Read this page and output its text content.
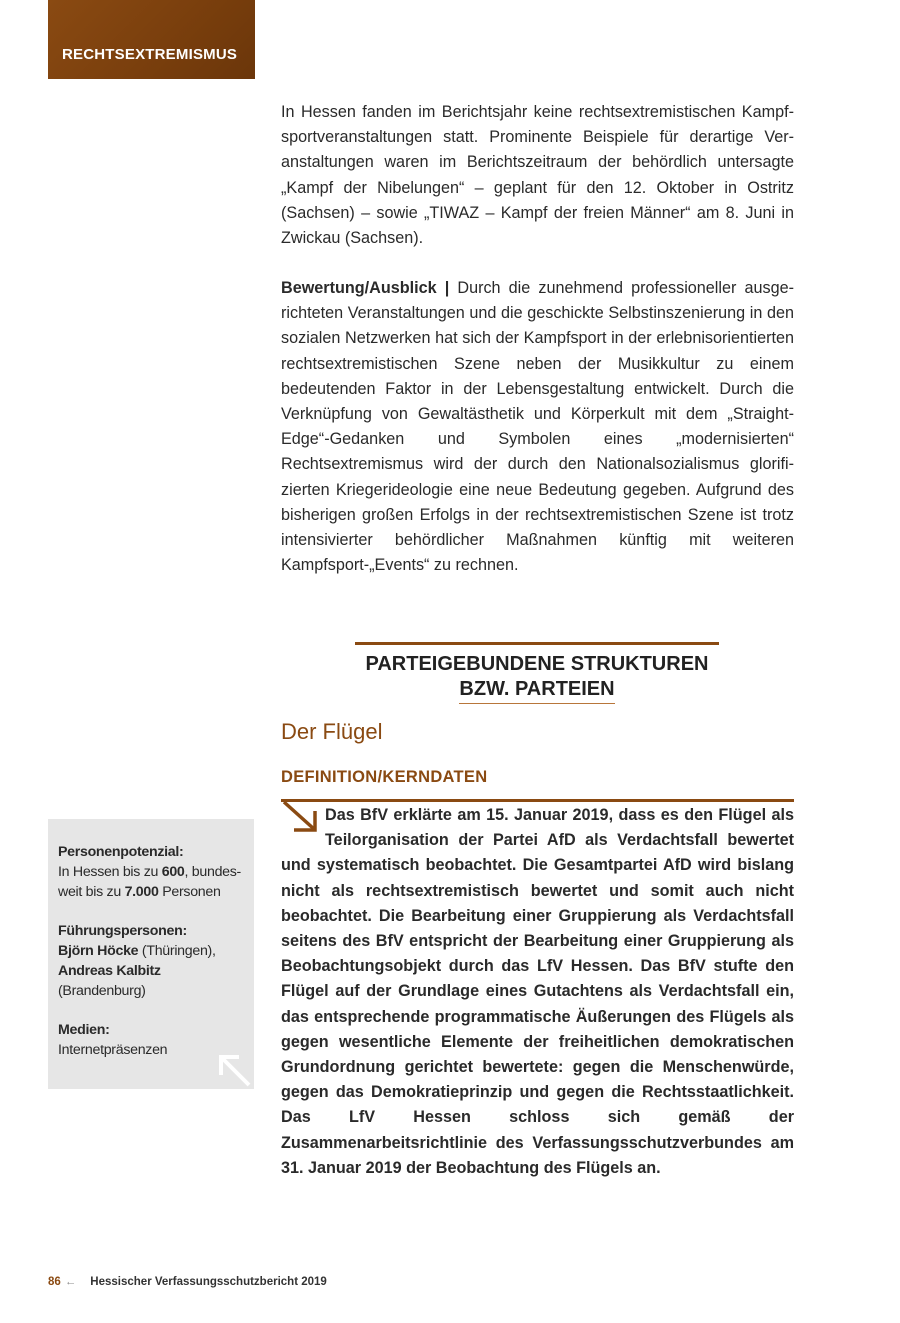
RECHTSEXTREMISMUS

In Hessen fanden im Berichtsjahr keine rechtsextremistischen Kampfsportveranstaltungen statt. Prominente Beispiele für derartige Veranstaltungen waren im Berichtszeitraum der behördlich untersagte „Kampf der Nibelungen“ – geplant für den 12. Oktober in Ostritz (Sachsen) – sowie „TIWAZ – Kampf der freien Männer“ am 8. Juni in Zwickau (Sachsen).

Bewertung/Ausblick | Durch die zunehmend professioneller ausgerichteten Veranstaltungen und die geschickte Selbstinszenierung in den sozialen Netzwerken hat sich der Kampfsport in der erlebnisorientierten rechtsextremistischen Szene neben der Musikkultur zu einem bedeutenden Faktor in der Lebensgestaltung entwickelt. Durch die Verknüpfung von Gewaltästhetik und Körperkult mit dem „Straight-Edge“-Gedanken und Symbolen eines „modernisierten“ Rechtsextremismus wird der durch den Nationalsozialismus glorifizierten Kriegerideologie eine neue Bedeutung gegeben. Aufgrund des bisherigen großen Erfolgs in der rechtsextremistischen Szene ist trotz intensivierter behördlicher Maßnahmen künftig mit weiteren Kampfsport-„Events“ zu rechnen.

PARTEIGEBUNDENE STRUKTUREN
BZW. PARTEIEN
Der Flügel
DEFINITION/KERNDATEN
Das BfV erklärte am 15. Januar 2019, dass es den Flügel als Teilorganisation der Partei AfD als Verdachtsfall bewertet und systematisch beobachtet. Die Gesamtpartei AfD wird bislang nicht als rechtsextremistisch bewertet und somit auch nicht beobachtet. Die Bearbeitung einer Gruppierung als Verdachtsfall seitens des BfV entspricht der Bearbeitung einer Gruppierung als Beobachtungsobjekt durch das LfV Hessen. Das BfV stufte den Flügel auf der Grundlage eines Gutachtens als Verdachtsfall ein, das entsprechende programmatische Äußerungen des Flügels als gegen wesentliche Elemente der freiheitlichen demokratischen Grundordnung gerichtet bewertete: gegen die Menschenwürde, gegen das Demokratieprinzip und gegen die Rechtsstaatlichkeit. Das LfV Hessen schloss sich gemäß der Zusammenarbeitsrichtlinie des Verfassungsschutzverbundes am 31. Januar 2019 der Beobachtung des Flügels an.
Personenpotenzial:
In Hessen bis zu 600, bundesweit bis zu 7.000 Personen
Führungspersonen:
Björn Höcke (Thüringen),
Andreas Kalbitz (Brandenburg)
Medien:
Internetpräsenzen
86 ← Hessischer Verfassungsschutzbericht 2019
